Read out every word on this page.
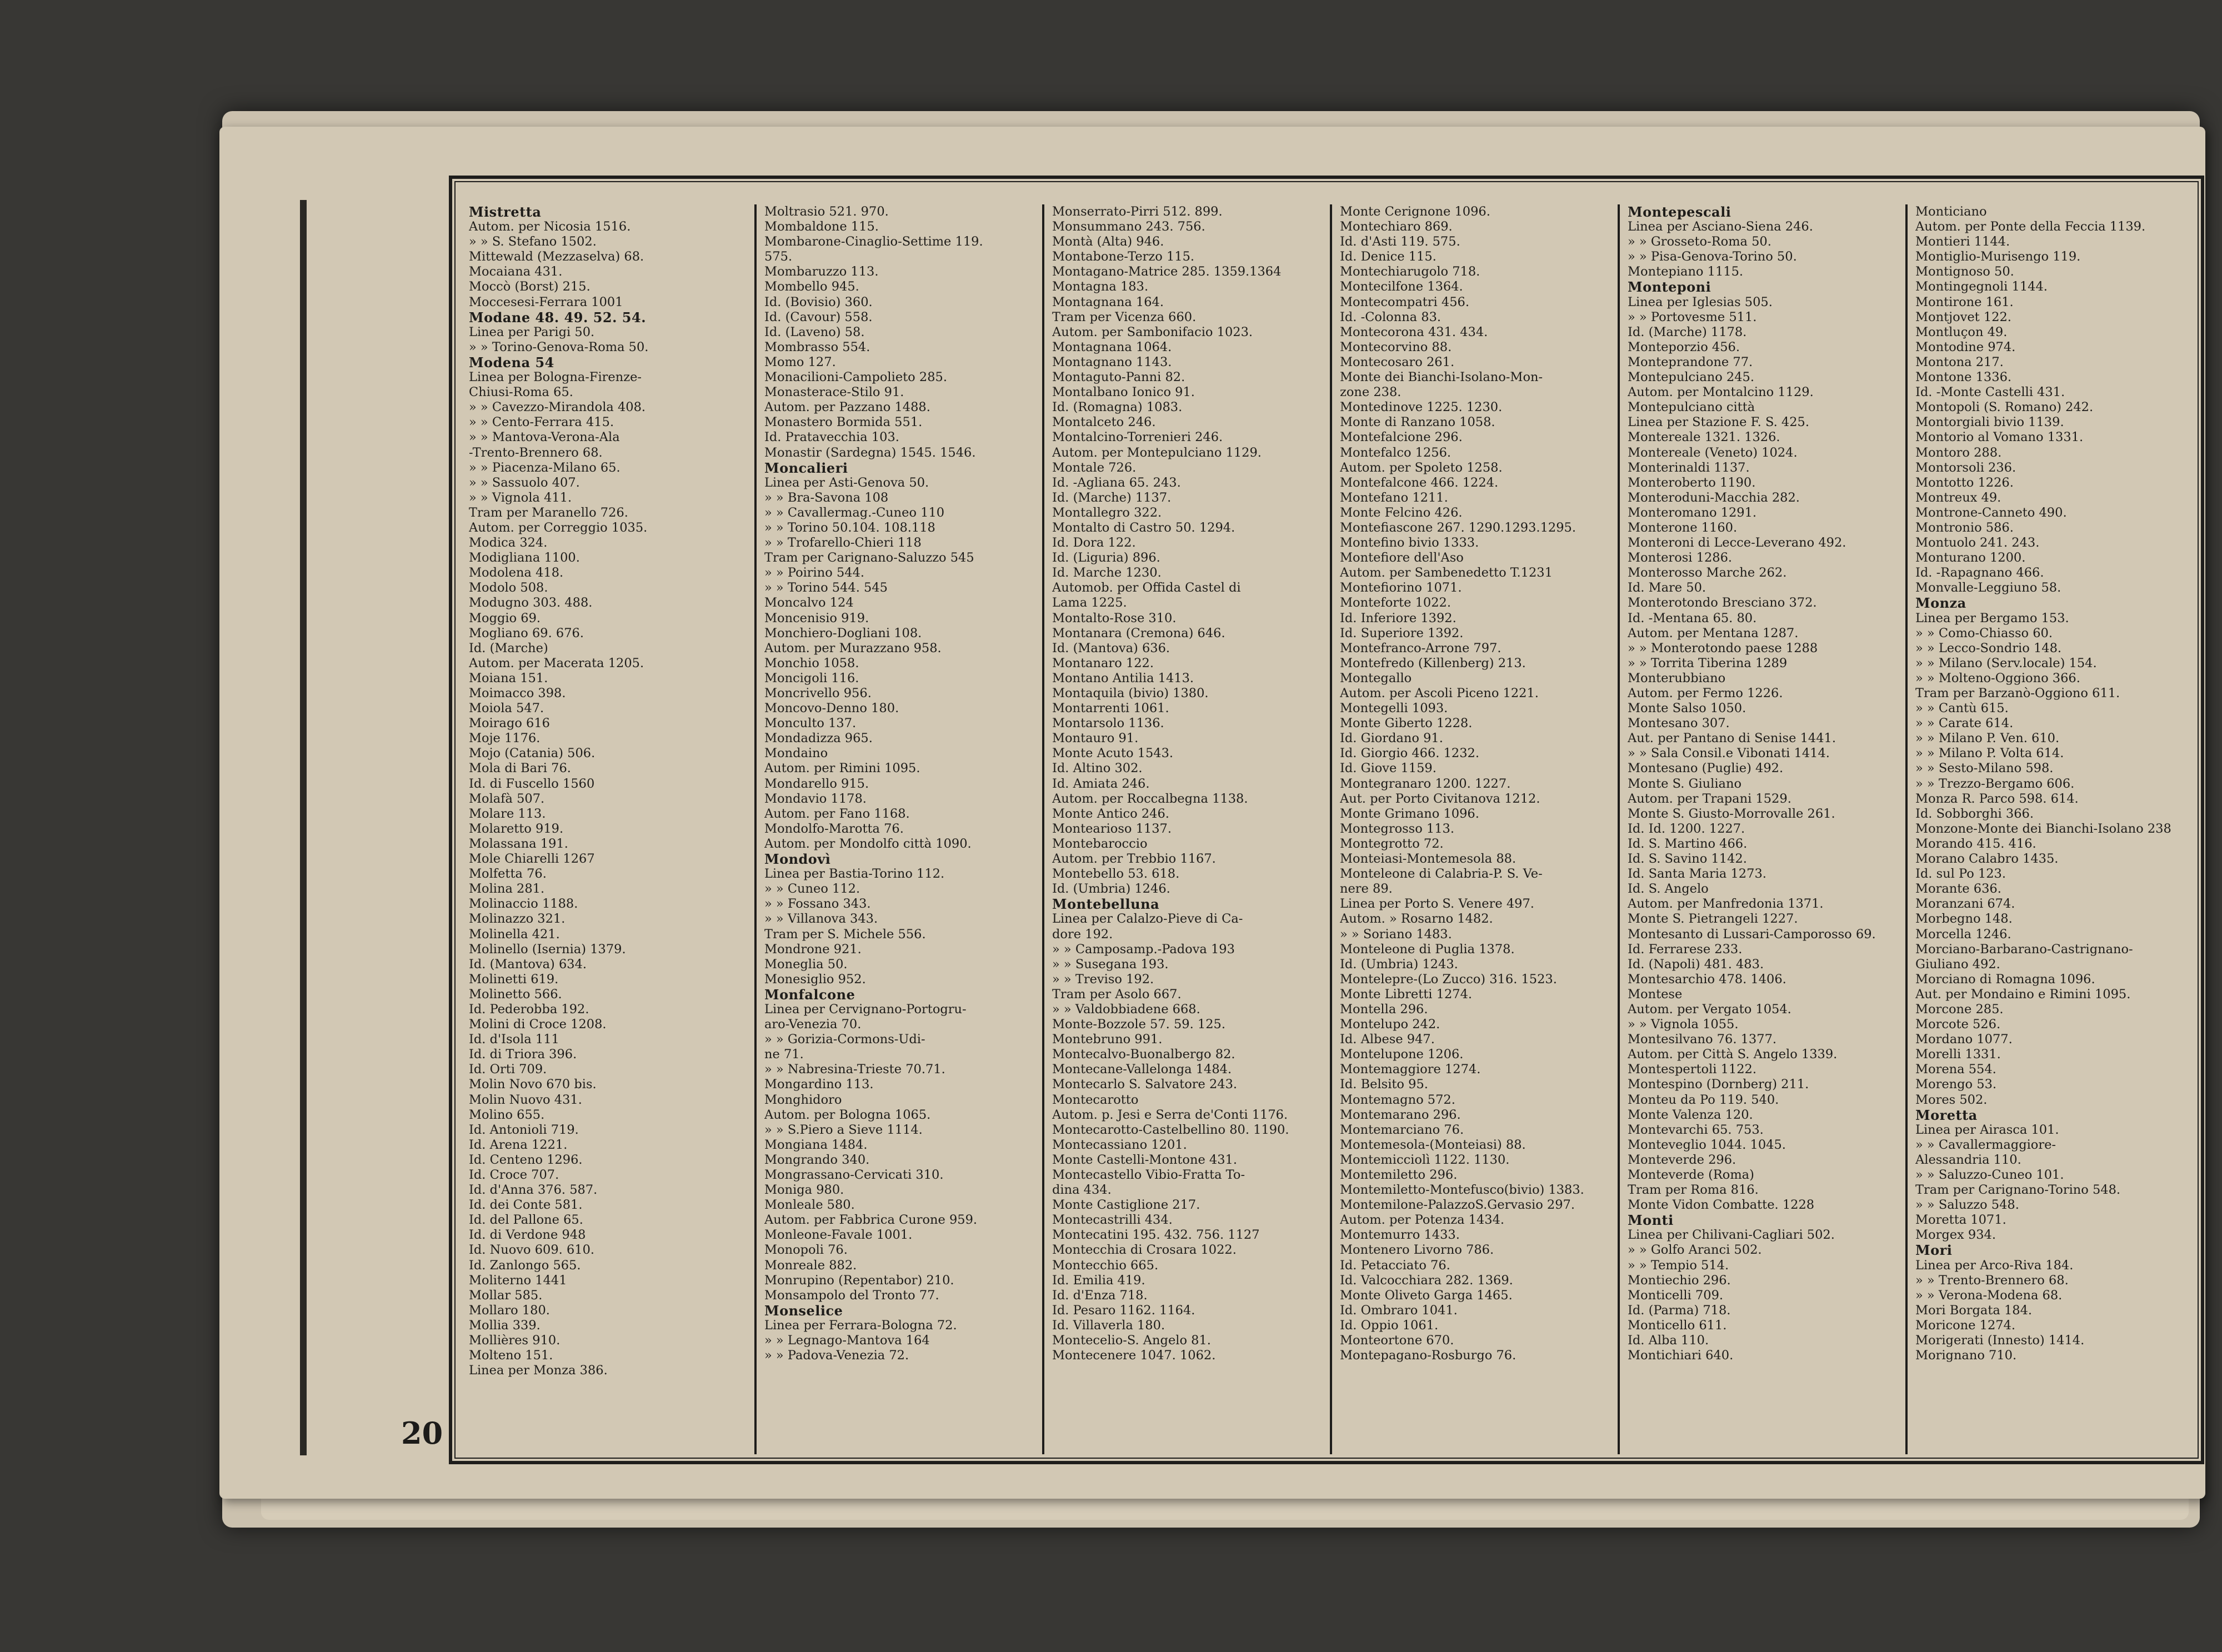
Mistretta
Autom. per Nicosia 1516.
» » S. Stefano 1502.
Mittewald (Mezzaselva) 68.
Mocaiana 431.
Moccò (Borst) 215.
Moccesesi-Ferrara 1001
Modane 48. 49. 52. 54.
Linea per Parigi 50.
» » Torino-Genova-Roma 50.
Modena 54
Linea per Bologna-Firenze-
Chiusi-Roma 65.
» » Cavezzo-Mirandola 408.
» » Cento-Ferrara 415.
» » Mantova-Verona-Ala
-Trento-Brennero 68.
» » Piacenza-Milano 65.
» » Sassuolo 407.
» » Vignola 411.
Tram per Maranello 726.
Autom. per Correggio 1035.
Modica 324.
Modigliana 1100.
Modolena 418.
Modolo 508.
Modugno 303. 488.
Moggio 69.
Mogliano 69. 676.
Id. (Marche)
Autom. per Macerata 1205.
Moiana 151.
Moimacco 398.
Moiola 547.
Moirago 616
Moje 1176.
Mojo (Catania) 506.
Mola di Bari 76.
Id. di Fuscello 1560
Molafà 507.
Molare 113.
Molaretto 919.
Molassana 191.
Mole Chiarelli 1267
Molfetta 76.
Molina 281.
Molinaccio 1188.
Molinazzo 321.
Molinella 421.
Molinello (Isernia) 1379.
Id. (Mantova) 634.
Molinetti 619.
Molinetto 566.
Id. Pederobba 192.
Molini di Croce 1208.
Id. d'Isola 111
Id. di Triora 396.
Id. Orti 709.
Molin Novo 670 bis.
Molin Nuovo 431.
Molino 655.
Id. Antonioli 719.
Id. Arena 1221.
Id. Centeno 1296.
Id. Croce 707.
Id. d'Anna 376. 587.
Id. dei Conte 581.
Id. del Pallone 65.
Id. di Verdone 948
Id. Nuovo 609. 610.
Id. Zanlongo 565.
Moliterno 1441
Mollar 585.
Mollaro 180.
Mollia 339.
Mollières 910.
Molteno 151.
Linea per Monza 386.
Moltrasio 521. 970.
Mombaldone 115.
Mombarone-Cinaglio-Settime 119.
575.
Mombaruzzo 113.
Mombello 945.
Id. (Bovisio) 360.
Id. (Cavour) 558.
Id. (Laveno) 58.
Mombrasso 554.
Momo 127.
Monacilioni-Campolieto 285.
Monasterace-Stilo 91.
Autom. per Pazzano 1488.
Monastero Bormida 551.
Id. Pratavecchia 103.
Monastir (Sardegna) 1545. 1546.
Moncalieri
Linea per Asti-Genova 50.
» » Bra-Savona 108
» » Cavallermag.-Cuneo 110
» » Torino 50.104. 108.118
» » Trofarello-Chieri 118
Tram per Carignano-Saluzzo 545
» » Poirino 544.
» » Torino 544. 545
Moncalvo 124
Moncenisio 919.
Monchiero-Dogliani 108.
Autom. per Murazzano 958.
Monchio 1058.
Moncigoli 116.
Moncrivello 956.
Moncovo-Denno 180.
Monculto 137.
Mondadizza 965.
Mondaino
Autom. per Rimini 1095.
Mondarello 915.
Mondavio 1178.
Autom. per Fano 1168.
Mondolfo-Marotta 76.
Autom. per Mondolfo città 1090.
Mondovì
Linea per Bastia-Torino 112.
» » Cuneo 112.
» » Fossano 343.
» » Villanova 343.
Tram per S. Michele 556.
Mondrone 921.
Moneglia 50.
Monesiglio 952.
Monfalcone
Linea per Cervignano-Portogru-
aro-Venezia 70.
» » Gorizia-Cormons-Udi-
ne 71.
» » Nabresina-Trieste 70.71.
Mongardino 113.
Monghidoro
Autom. per Bologna 1065.
» » S.Piero a Sieve 1114.
Mongiana 1484.
Mongrando 340.
Mongrassano-Cervicati 310.
Moniga 980.
Monleale 580.
Autom. per Fabbrica Curone 959.
Monleone-Favale 1001.
Monopoli 76.
Monreale 882.
Monrupino (Repentabor) 210.
Monsampolo del Tronto 77.
Monselice
Linea per Ferrara-Bologna 72.
» » Legnago-Mantova 164
» » Padova-Venezia 72.
Monserrato-Pirri 512. 899.
Monsummano 243. 756.
Montà (Alta) 946.
Montabone-Terzo 115.
Montagano-Matrice 285. 1359.1364
Montagna 183.
Montagnana 164.
Tram per Vicenza 660.
Autom. per Sambonifacio 1023.
Montagnana 1064.
Montagnano 1143.
Montaguto-Panni 82.
Montalbano Ionico 91.
Id. (Romagna) 1083.
Montalceto 246.
Montalcino-Torrenieri 246.
Autom. per Montepulciano 1129.
Montale 726.
Id. -Agliana 65. 243.
Id. (Marche) 1137.
Montallegro 322.
Montalto di Castro 50. 1294.
Id. Dora 122.
Id. (Liguria) 896.
Id. Marche 1230.
Automob. per Offida Castel di
Lama 1225.
Montalto-Rose 310.
Montanara (Cremona) 646.
Id. (Mantova) 636.
Montanaro 122.
Montano Antilia 1413.
Montaquila (bivio) 1380.
Montarrenti 1061.
Montarsolo 1136.
Montauro 91.
Monte Acuto 1543.
Id. Altino 302.
Id. Amiata 246.
Autom. per Roccalbegna 1138.
Monte Antico 246.
Montearioso 1137.
Montebaroccio
Autom. per Trebbio 1167.
Montebello 53. 618.
Id. (Umbria) 1246.
Montebelluna
Linea per Calalzo-Pieve di Ca-
dore 192.
» » Camposamp.-Padova 193
» » Susegana 193.
» » Treviso 192.
Tram per Asolo 667.
» » Valdobbiadene 668.
Monte-Bozzole 57. 59. 125.
Montebruno 991.
Montecalvo-Buonalbergo 82.
Montecane-Vallelonga 1484.
Montecarlo S. Salvatore 243.
Montecarotto
Autom. p. Jesi e Serra de'Conti 1176.
Montecarotto-Castelbellino 80. 1190.
Montecassiano 1201.
Monte Castelli-Montone 431.
Montecastello Vibio-Fratta To-
dina 434.
Monte Castiglione 217.
Montecastrilli 434.
Montecatini 195. 432. 756. 1127
Montecchia di Crosara 1022.
Montecchio 665.
Id. Emilia 419.
Id. d'Enza 718.
Id. Pesaro 1162. 1164.
Id. Villaverla 180.
Montecelio-S. Angelo 81.
Montecenere 1047. 1062.
Monte Cerignone 1096.
Montechiaro 869.
Id. d'Asti 119. 575.
Id. Denice 115.
Montechiarugolo 718.
Montecilfone 1364.
Montecompatri 456.
Id. -Colonna 83.
Montecorona 431. 434.
Montecorvino 88.
Montecosaro 261.
Monte dei Bianchi-Isolano-Mon-
zone 238.
Montedinove 1225. 1230.
Monte di Ranzano 1058.
Montefalcione 296.
Montefalco 1256.
Autom. per Spoleto 1258.
Montefalcone 466. 1224.
Montefano 1211.
Monte Felcino 426.
Montefiascone 267. 1290.1293.1295.
Montefino bivio 1333.
Montefiore dell'Aso
Autom. per Sambenedetto T.1231
Montefiorino 1071.
Monteforte 1022.
Id. Inferiore 1392.
Id. Superiore 1392.
Montefranco-Arrone 797.
Montefredo (Killenberg) 213.
Montegallo
Autom. per Ascoli Piceno 1221.
Montegelli 1093.
Monte Giberto 1228.
Id. Giordano 91.
Id. Giorgio 466. 1232.
Id. Giove 1159.
Montegranaro 1200. 1227.
Aut. per Porto Civitanova 1212.
Monte Grimano 1096.
Montegrosso 113.
Montegrotto 72.
Monteiasi-Montemesola 88.
Monteleone di Calabria-P. S. Ve-
nere 89.
Linea per Porto S. Venere 497.
Autom. » Rosarno 1482.
» » Soriano 1483.
Monteleone di Puglia 1378.
Id. (Umbria) 1243.
Montelepre-(Lo Zucco) 316. 1523.
Monte Libretti 1274.
Montella 296.
Montelupo 242.
Id. Albese 947.
Montelupone 1206.
Montemaggiore 1274.
Id. Belsito 95.
Montemagno 572.
Montemarano 296.
Montemarciano 76.
Montemesola-(Monteiasi) 88.
Montemicciolì 1122. 1130.
Montemiletto 296.
Montemiletto-Montefusco(bivio) 1383.
Montemilone-PalazzoS.Gervasio 297.
Autom. per Potenza 1434.
Montemurro 1433.
Montenero Livorno 786.
Id. Petacciato 76.
Id. Valcocchiara 282. 1369.
Monte Oliveto Garga 1465.
Id. Ombraro 1041.
Id. Oppio 1061.
Monteortone 670.
Montepagano-Rosburgo 76.
Montepescali
Linea per Asciano-Siena 246.
» » Grosseto-Roma 50.
» » Pisa-Genova-Torino 50.
Montepiano 1115.
Monteponi
Linea per Iglesias 505.
» » Portovesme 511.
Id. (Marche) 1178.
Monteporzio 456.
Monteprandone 77.
Montepulciano 245.
Autom. per Montalcino 1129.
Montepulciano città
Linea per Stazione F. S. 425.
Montereale 1321. 1326.
Montereale (Veneto) 1024.
Monterinaldi 1137.
Monteroberto 1190.
Monteroduni-Macchia 282.
Monteromano 1291.
Monterone 1160.
Monteroni di Lecce-Leverano 492.
Monterosi 1286.
Monterosso Marche 262.
Id. Mare 50.
Monterotondo Bresciano 372.
Id. -Mentana 65. 80.
Autom. per Mentana 1287.
» » Monterotondo paese 1288
» » Torrita Tiberina 1289
Monterubbiano
Autom. per Fermo 1226.
Monte Salso 1050.
Montesano 307.
Aut. per Pantano di Senise 1441.
» » Sala Consil.e Vibonati 1414.
Montesano (Puglie) 492.
Monte S. Giuliano
Autom. per Trapani 1529.
Monte S. Giusto-Morrovalle 261.
Id. Id. 1200. 1227.
Id. S. Martino 466.
Id. S. Savino 1142.
Id. Santa Maria 1273.
Id. S. Angelo
Autom. per Manfredonia 1371.
Monte S. Pietrangeli 1227.
Montesanto di Lussari-Camporosso 69.
Id. Ferrarese 233.
Id. (Napoli) 481. 483.
Montesarchio 478. 1406.
Montese
Autom. per Vergato 1054.
» » Vignola 1055.
Montesilvano 76. 1377.
Autom. per Città S. Angelo 1339.
Montespertoli 1122.
Montespino (Dornberg) 211.
Monteu da Po 119. 540.
Monte Valenza 120.
Montevarchi 65. 753.
Monteveglio 1044. 1045.
Monteverde 296.
Monteverde (Roma)
Tram per Roma 816.
Monte Vidon Combatte. 1228
Monti
Linea per Chilivani-Cagliari 502.
» » Golfo Aranci 502.
» » Tempio 514.
Montiechio 296.
Monticelli 709.
Id. (Parma) 718.
Monticello 611.
Id. Alba 110.
Montichiari 640.
Monticiano
Autom. per Ponte della Feccia 1139.
Montieri 1144.
Montiglio-Murisengo 119.
Montignoso 50.
Montingegnoli 1144.
Montirone 161.
Montjovet 122.
Montluçon 49.
Montodine 974.
Montona 217.
Montone 1336.
Id. -Monte Castelli 431.
Montopoli (S. Romano) 242.
Montorgiali bivio 1139.
Montorio al Vomano 1331.
Montoro 288.
Montorsoli 236.
Montotto 1226.
Montreux 49.
Montrone-Canneto 490.
Montronio 586.
Montuolo 241. 243.
Monturano 1200.
Id. -Rapagnano 466.
Monvalle-Leggiuno 58.
Monza
Linea per Bergamo 153.
» » Como-Chiasso 60.
» » Lecco-Sondrio 148.
» » Milano (Serv.locale) 154.
» » Molteno-Oggiono 366.
Tram per Barzanò-Oggiono 611.
» » Cantù 615.
» » Carate 614.
» » Milano P. Ven. 610.
» » Milano P. Volta 614.
» » Sesto-Milano 598.
» » Trezzo-Bergamo 606.
Monza R. Parco 598. 614.
Id. Sobborghi 366.
Monzone-Monte dei Bianchi-Isolano 238
Morando 415. 416.
Morano Calabro 1435.
Id. sul Po 123.
Morante 636.
Moranzani 674.
Morbegno 148.
Morcella 1246.
Morciano-Barbarano-Castrignano-
Giuliano 492.
Morciano di Romagna 1096.
Aut. per Mondaino e Rimini 1095.
Morcone 285.
Morcote 526.
Mordano 1077.
Morelli 1331.
Morena 554.
Morengo 53.
Mores 502.
Moretta
Linea per Airasca 101.
» » Cavallermaggiore-
Alessandria 110.
» » Saluzzo-Cuneo 101.
Tram per Carignano-Torino 548.
» » Saluzzo 548.
Moretta 1071.
Morgex 934.
Mori
Linea per Arco-Riva 184.
» » Trento-Brennero 68.
» » Verona-Modena 68.
Mori Borgata 184.
Moricone 1274.
Morigerati (Innesto) 1414.
Morignano 710.
20
